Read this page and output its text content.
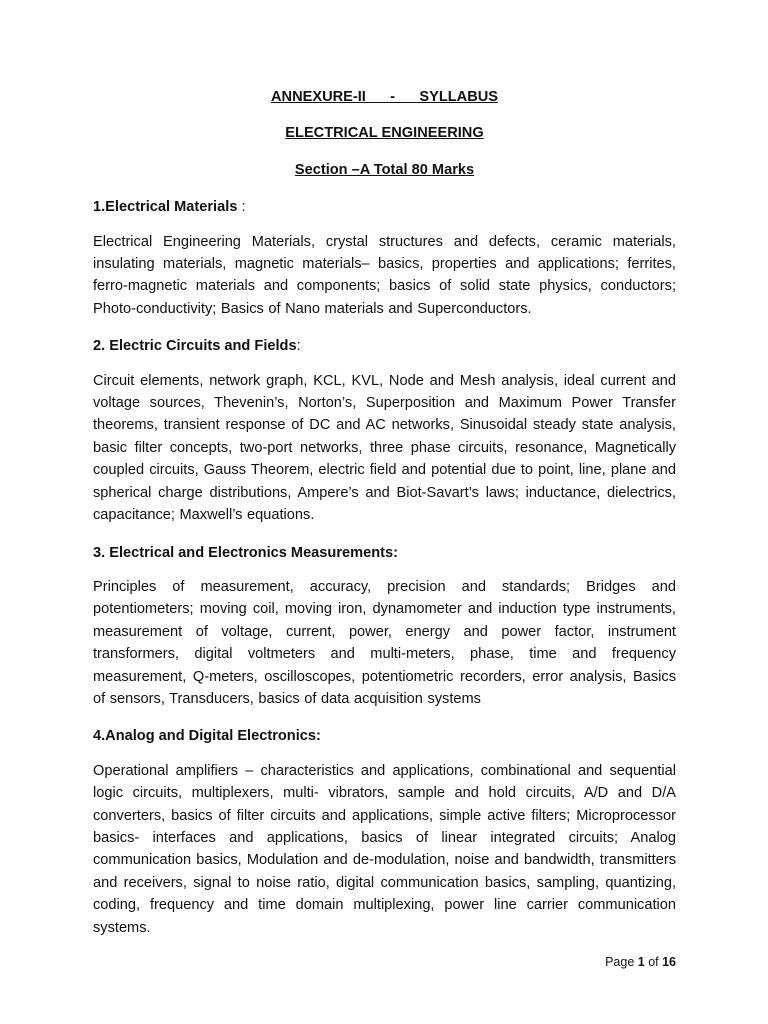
ANNEXURE-II      -      SYLLABUS

ELECTRICAL ENGINEERING

Section –A Total 80 Marks

1.Electrical Materials :
Electrical Engineering Materials, crystal structures and defects, ceramic materials, insulating materials, magnetic materials– basics, properties and applications; ferrites, ferro-magnetic materials and components; basics of solid state physics, conductors; Photo-conductivity; Basics of Nano materials and Superconductors.
2. Electric Circuits and Fields:
Circuit elements, network graph, KCL, KVL, Node and Mesh analysis, ideal current and voltage sources, Thevenin’s, Norton’s, Superposition and Maximum Power Transfer theorems, transient response of DC and AC networks, Sinusoidal steady state analysis, basic filter concepts, two-port networks, three phase circuits, resonance, Magnetically coupled circuits, Gauss Theorem, electric field and potential due to point, line, plane and spherical charge distributions, Ampere’s and Biot-Savart’s laws; inductance, dielectrics, capacitance; Maxwell’s equations.
3. Electrical and Electronics Measurements:
Principles of measurement, accuracy, precision and standards; Bridges and potentiometers; moving coil, moving iron, dynamometer and induction type instruments, measurement of voltage, current, power, energy and power factor, instrument transformers, digital voltmeters and multi-meters, phase, time and frequency measurement, Q-meters, oscilloscopes, potentiometric recorders, error analysis, Basics of sensors, Transducers, basics of data acquisition systems
4.Analog and Digital Electronics:
Operational amplifiers – characteristics and applications, combinational and sequential logic circuits, multiplexers, multi- vibrators, sample and hold circuits, A/D and D/A converters, basics of filter circuits and applications, simple active filters; Microprocessor basics- interfaces and applications, basics of linear integrated circuits; Analog communication basics, Modulation and de-modulation, noise and bandwidth, transmitters and receivers, signal to noise ratio, digital communication basics, sampling, quantizing, coding, frequency and time domain multiplexing, power line carrier communication systems.
Page 1 of 16
